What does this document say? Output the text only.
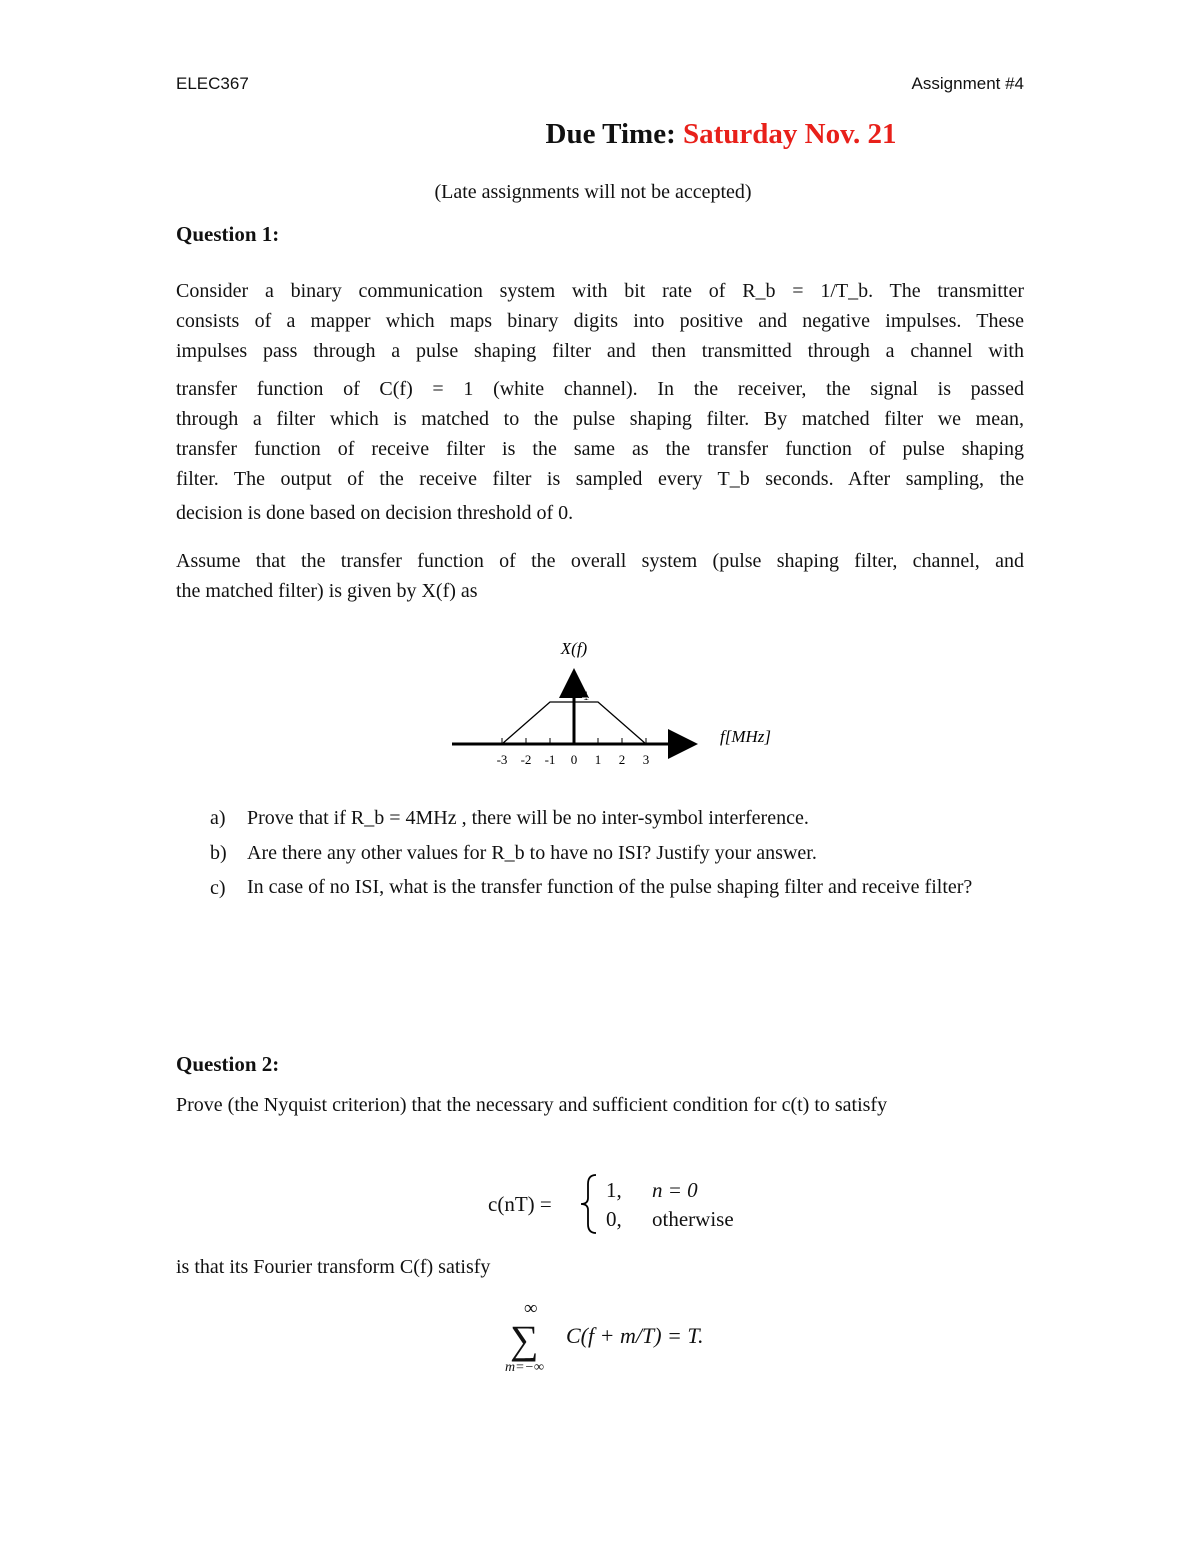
ELEC367	Assignment #4
Due Time: Saturday Nov. 21
(Late assignments will not be accepted)
Question 1:
Consider a binary communication system with bit rate of R_b = 1/T_b. The transmitter
consists of a mapper which maps binary digits into positive and negative impulses. These
impulses pass through a pulse shaping filter and then transmitted through a channel with
transfer function of C(f) = 1 (white channel). In the receiver, the signal is passed
through a filter which is matched to the pulse shaping filter. By matched filter we mean,
transfer function of receive filter is the same as the transfer function of pulse shaping
filter. The output of the receive filter is sampled every T_b seconds. After sampling, the
decision is done based on decision threshold of 0.
Assume that the transfer function of the overall system (pulse shaping filter, channel, and
the matched filter) is given by X(f) as
X(f)
f[MHz]
1
-3 -2 -1 0 1 2 3
a) Prove that if R_b = 4MHz , there will be no inter-symbol interference.
b) Are there any other values for R_b to have no ISI? Justify your answer.
c) In case of no ISI, what is the transfer function of the pulse shaping filter and receive filter?
Question 2:
Prove (the Nyquist criterion) that the necessary and sufficient condition for c(t) to satisfy
c(nT) =
1, n = 0
0, otherwise
is that its Fourier transform C(f) satisfy
∞
∑
m=−∞
C(f + m/T) = T.
